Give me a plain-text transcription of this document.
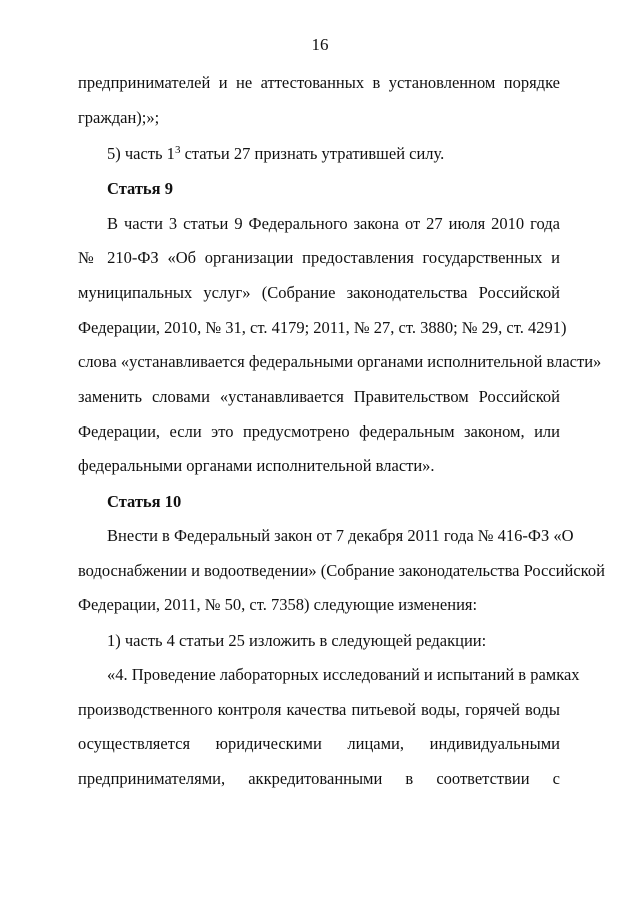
16
предпринимателей и не аттестованных в установленном порядке
граждан);»;
5) часть $1^3$ статьи 27 признать утратившей силу.
Статья 9
В части 3 статьи 9 Федерального закона от 27 июля 2010 года
№ 210-ФЗ «Об организации предоставления государственных и
муниципальных услуг» (Собрание законодательства Российской
Федерации, 2010, № 31, ст. 4179; 2011, № 27, ст. 3880; № 29, ст. 4291)
слова «устанавливается федеральными органами исполнительной власти»
заменить словами «устанавливается Правительством Российской
Федерации, если это предусмотрено федеральным законом, или
федеральными органами исполнительной власти».
Статья 10
Внести в Федеральный закон от 7 декабря 2011 года № 416-ФЗ «О
водоснабжении и водоотведении» (Собрание законодательства Российской
Федерации, 2011, № 50, ст. 7358) следующие изменения:
1) часть 4 статьи 25 изложить в следующей редакции:
«4. Проведение лабораторных исследований и испытаний в рамках
производственного контроля качества питьевой воды, горячей воды
осуществляется юридическими лицами, индивидуальными
предпринимателями, аккредитованными в соответствии с
